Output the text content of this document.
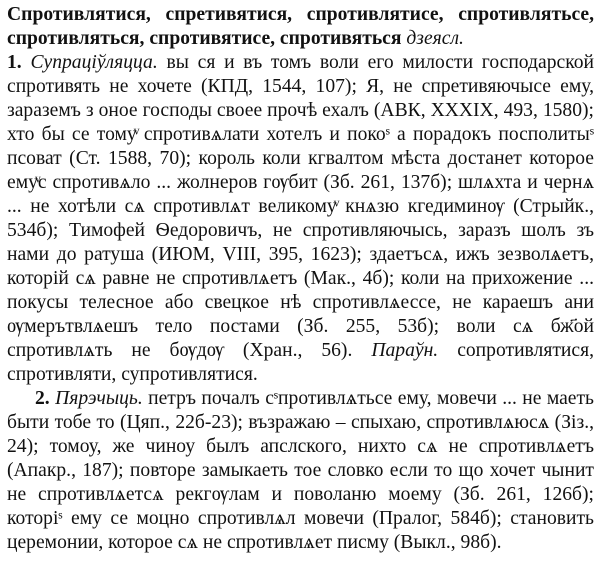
Спротивлятися, спретивятися, спротивлятисе, спротивлятьсе, спротивляться, спротивятисе, спротивяться дзеясл.
1. Супраціўляцца. вы ся и въ томъ воли его милости господарской спротивять не хочете (КПД, 1544, 107); Я, не спретивяючысе ему, зараземъ з оное господы своее прочѣ ехалъ (АВК, XXXIX, 493, 1580); хто бы се томуͮ спротивѧлати хотелъ и покоˢ а порадокъ посполитыˢ псоват (Ст. 1588, 70); король коли кгвалтом мѣста достанет которое емуͮс спротивѧло ... жолнеров гѹбит (Зб. 261, 137б); шлѧхта и чернѧ ... не хотѣли сѧ спротивлѧт великомуͮ кнѧзю кгедиминѹ (Стрыйк., 534б); Тимофей Ѳедоровичъ, не спротивляючысь, заразъ шолъ зъ нами до ратуша (ИЮМ, VIII, 395, 1623); здаетъсѧ, ижъ зезволѧетъ, которій сѧ равне не спротивлѧетъ (Мак., 4б); коли на прихожение ... покусы телесное або свецкое нѣ спротивлѧессе, не караешъ ани ѹмерътвлѧешъ тело постами (Зб. 255, 53б); воли сѧ бж҃ой спротивлѧть не бѹдѹ (Хран., 56). Параўн. сопротивлятися, спротивляти, супротивлятися.

2. Пярэчыць. петръ почалъ сˢпротивлѧтьсе ему, мовечи ... не маеть быти тобе то (Цяп., 22б-23); възражаю – спыхаю, спротивлѧюсѧ (Зіз., 24); томоу, же чиноу былъ апслского, нихто сѧ не спротивлѧетъ (Апакр., 187); повторе замыкаеть тое словко если то що хочет чынит не спротивлѧетсѧ рекгѹлам и поволаню моему (Зб. 261, 126б); которіˢ ему се моцно спротивлѧл мовечи (Пралог, 584б); становить церемонии, которое сѧ не спротивлѧет писму (Выкл., 98б).
